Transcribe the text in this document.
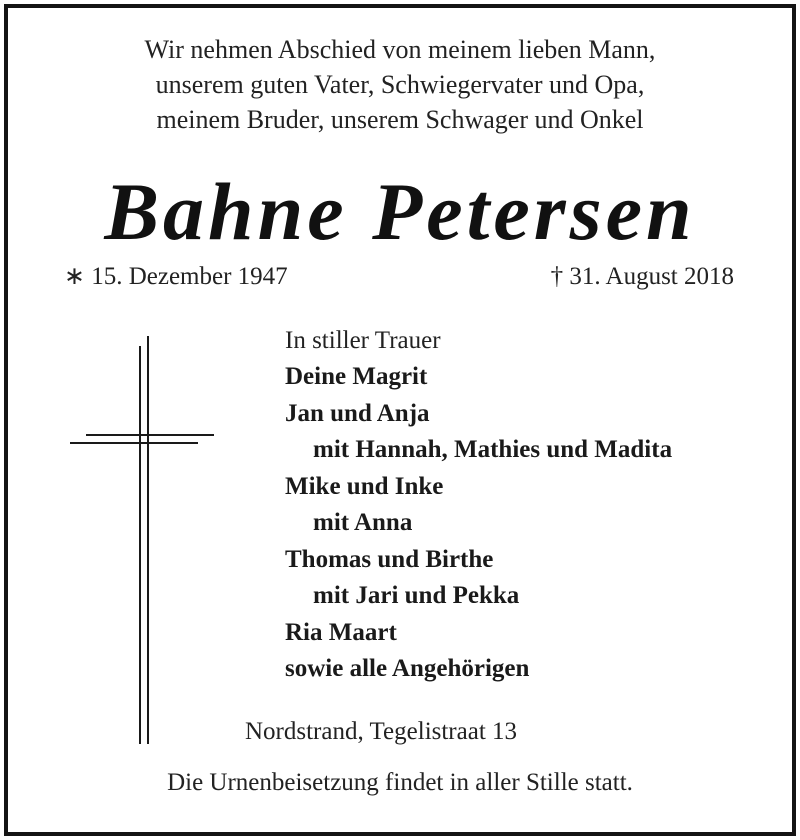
Wir nehmen Abschied von meinem lieben Mann,
unserem guten Vater, Schwiegervater und Opa,
meinem Bruder, unserem Schwager und Onkel
Bahne Petersen
∗ 15. Dezember 1947	† 31. August 2018
In stiller Trauer
Deine Magrit
Jan und Anja
mit Hannah, Mathies und Madita
Mike und Inke
mit Anna
Thomas und Birthe
mit Jari und Pekka
Ria Maart
sowie alle Angehörigen
Nordstrand, Tegelistraat 13
Die Urnenbeisetzung findet in aller Stille statt.
